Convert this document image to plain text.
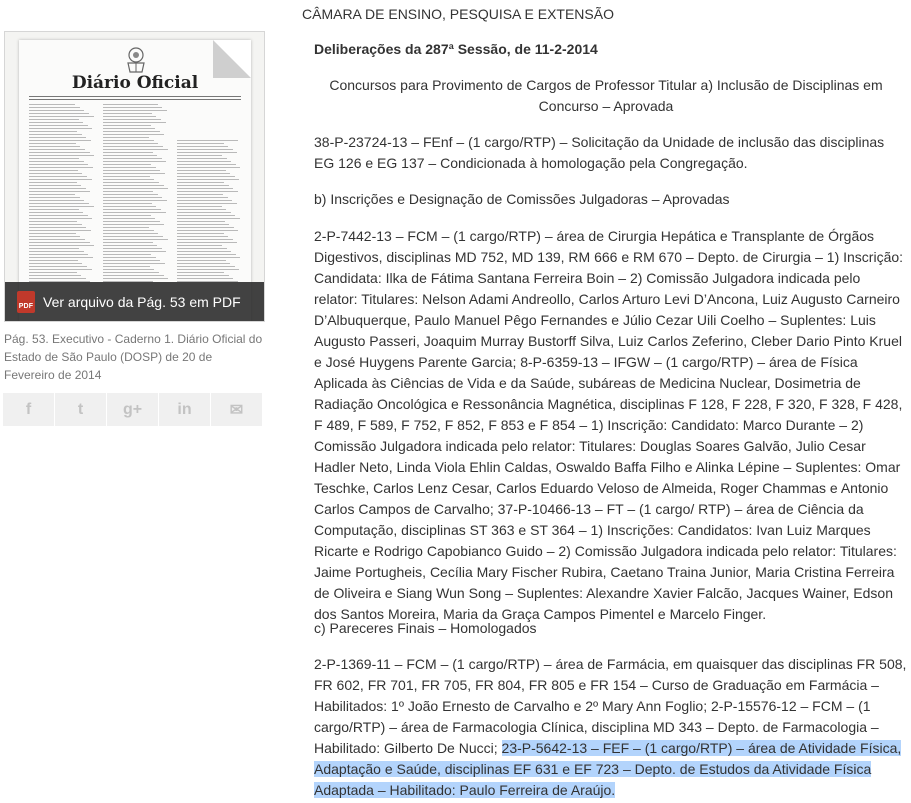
Diário Oficial
PDF Ver arquivo da Pág. 53 em PDF
Pág. 53. Executivo - Caderno 1. Diário Oficial do Estado de São Paulo (DOSP) de 20 de Fevereiro de 2014
f	t g+ in ✉
CÂMARA DE ENSINO, PESQUISA E EXTENSÃO
Deliberações da 287ª Sessão, de 11-2-2014
Concursos para Provimento de Cargos de Professor Titular a) Inclusão de Disciplinas em Concurso – Aprovada
38-P-23724-13 – FEnf – (1 cargo/RTP) – Solicitação da Unidade de inclusão das disciplinas EG 126 e EG 137 – Condicionada à homologação pela Congregação.
b) Inscrições e Designação de Comissões Julgadoras – Aprovadas
2-P-7442-13 – FCM – (1 cargo/RTP) – área de Cirurgia Hepática e Transplante de Órgãos Digestivos, disciplinas MD 752, MD 139, RM 666 e RM 670 – Depto. de Cirurgia – 1) Inscrição: Candidata: Ilka de Fátima Santana Ferreira Boin – 2) Comissão Julgadora indicada pelo relator: Titulares: Nelson Adami Andreollo, Carlos Arturo Levi D’Ancona, Luiz Augusto Carneiro D’Albuquerque, Paulo Manuel Pêgo Fernandes e Júlio Cezar Uili Coelho – Suplentes: Luis Augusto Passeri, Joaquim Murray Bustorff Silva, Luiz Carlos Zeferino, Cleber Dario Pinto Kruel e José Huygens Parente Garcia; 8-P-6359-13 – IFGW – (1 cargo/RTP) – área de Física Aplicada às Ciências de Vida e da Saúde, subáreas de Medicina Nuclear, Dosimetria de Radiação Oncológica e Ressonância Magnética, disciplinas F 128, F 228, F 320, F 328, F 428, F 489, F 589, F 752, F 852, F 853 e F 854 – 1) Inscrição: Candidato: Marco Durante – 2) Comissão Julgadora indicada pelo relator: Titulares: Douglas Soares Galvão, Julio Cesar Hadler Neto, Linda Viola Ehlin Caldas, Oswaldo Baffa Filho e Alinka Lépine – Suplentes: Omar Teschke, Carlos Lenz Cesar, Carlos Eduardo Veloso de Almeida, Roger Chammas e Antonio Carlos Campos de Carvalho; 37-P-10466-13 – FT – (1 cargo/ RTP) – área de Ciência da Computação, disciplinas ST 363 e ST 364 – 1) Inscrições: Candidatos: Ivan Luiz Marques Ricarte e Rodrigo Capobianco Guido – 2) Comissão Julgadora indicada pelo relator: Titulares: Jaime Portugheis, Cecília Mary Fischer Rubira, Caetano Traina Junior, Maria Cristina Ferreira de Oliveira e Siang Wun Song – Suplentes: Alexandre Xavier Falcão, Jacques Wainer, Edson dos Santos Moreira, Maria da Graça Campos Pimentel e Marcelo Finger.
c) Pareceres Finais – Homologados
2-P-1369-11 – FCM – (1 cargo/RTP) – área de Farmácia, em quaisquer das disciplinas FR 508, FR 602, FR 701, FR 705, FR 804, FR 805 e FR 154 – Curso de Graduação em Farmácia – Habilitados: 1º João Ernesto de Carvalho e 2º Mary Ann Foglio; 2-P-15576-12 – FCM – (1 cargo/RTP) – área de Farmacologia Clínica, disciplina MD 343 – Depto. de Farmacologia – Habilitado: Gilberto De Nucci; 23-P-5642-13 – FEF – (1 cargo/RTP) – área de Atividade Física, Adaptação e Saúde, disciplinas EF 631 e EF 723 – Depto. de Estudos da Atividade Física Adaptada – Habilitado: Paulo Ferreira de Araújo.
